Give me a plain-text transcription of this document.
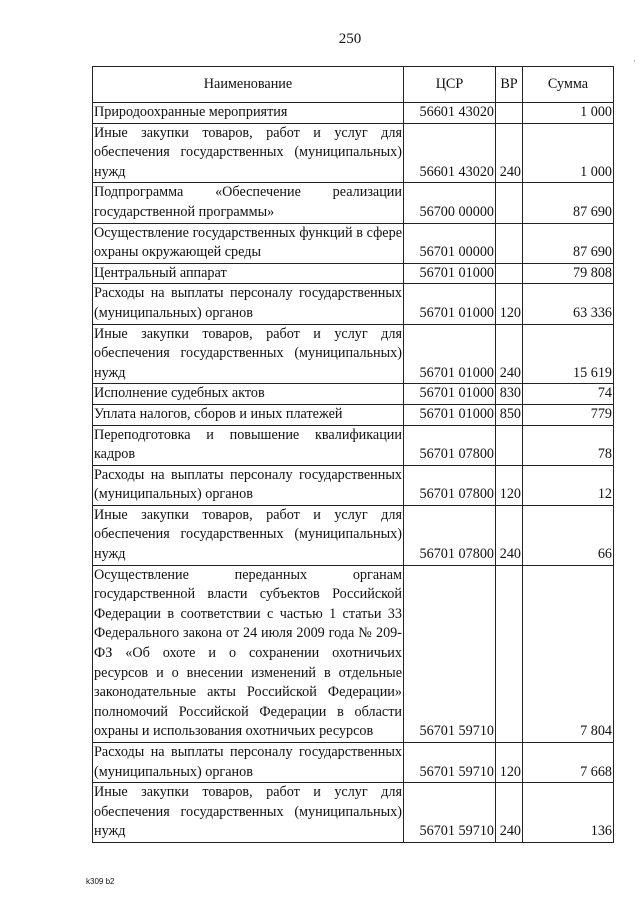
250
·
Наименование	ЦСР	ВР	Сумма
Природоохранные мероприятия	56601 43020		1 000
Иные закупки товаров, работ и услуг для обеспечения государственных (муниципальных) нужд	56601 43020	240	1 000
Подпрограмма «Обеспечение реализации государственной программы»	56700 00000		87 690
Осуществление государственных функций в сфере охраны окружающей среды	56701 00000		87 690
Центральный аппарат	56701 01000		79 808
Расходы на выплаты персоналу государственных (муниципальных) органов	56701 01000	120	63 336
Иные закупки товаров, работ и услуг для обеспечения государственных (муниципальных) нужд	56701 01000	240	15 619
Исполнение судебных актов	56701 01000	830	74
Уплата налогов, сборов и иных платежей	56701 01000	850	779
Переподготовка и повышение квалификации кадров	56701 07800		78
Расходы на выплаты персоналу государственных (муниципальных) органов	56701 07800	120	12
Иные закупки товаров, работ и услуг для обеспечения государственных (муниципальных) нужд	56701 07800	240	66
Осуществление переданных органам государственной власти субъектов Российской Федерации в соответствии с частью 1 статьи 33 Федерального закона от 24 июля 2009 года № 209-ФЗ «Об охоте и о сохранении охотничьих ресурсов и о внесении изменений в отдельные законодательные акты Российской Федерации» полномочий Российской Федерации в области охраны и использования охотничьих ресурсов	56701 59710		7 804
Расходы на выплаты персоналу государственных (муниципальных) органов	56701 59710	120	7 668
Иные закупки товаров, работ и услуг для обеспечения государственных (муниципальных) нужд	56701 59710	240	136
k309 b2
